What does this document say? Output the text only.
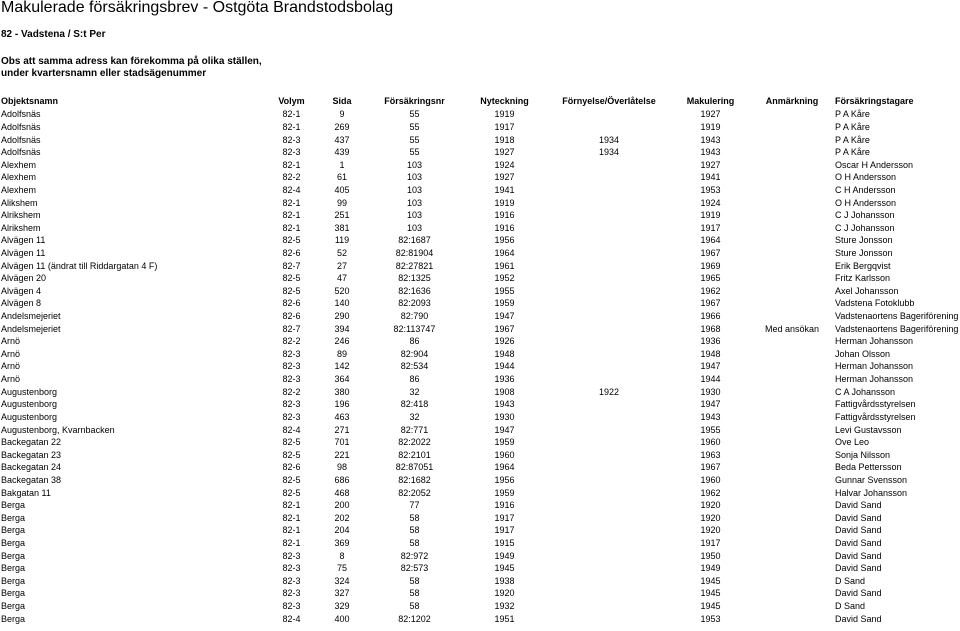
Makulerade försäkringsbrev - Östgöta Brandstodsbolag
82 - Vadstena / S:t Per
Obs att samma adress kan förekomma på olika ställen,
under kvartersnamn eller stadsägenummer
Objektsnamn	Volym	Sida	Försäkringsnr	Nyteckning	Förnyelse/Överlåtelse	Makulering	Anmärkning	Försäkringstagare
Adolfsnäs	82-1	9	55	1919		1927		P A Kåre
Adolfsnäs	82-1	269	55	1917		1919		P A Kåre
Adolfsnäs	82-3	437	55	1918	1934	1943		P A Kåre
Adolfsnäs	82-3	439	55	1927	1934	1943		P A Kåre
Alexhem	82-1	1	103	1924		1927		Oscar H Andersson
Alexhem	82-2	61	103	1927		1941		O H Andersson
Alexhem	82-4	405	103	1941		1953		C H Andersson
Alikshem	82-1	99	103	1919		1924		O H Andersson
Alrikshem	82-1	251	103	1916		1919		C J Johansson
Alrikshem	82-1	381	103	1916		1917		C J Johansson
Alvägen 11	82-5	119	82:1687	1956		1964		Sture Jonsson
Alvägen 11	82-6	52	82:81904	1964		1967		Sture Jonsson
Alvägen 11 (ändrat till Riddargatan 4 F)	82-7	27	82:27821	1961		1969		Erik Bergqvist
Alvägen 20	82-5	47	82:1325	1952		1965		Fritz Karlsson
Alvägen 4	82-5	520	82:1636	1955		1962		Axel Johansson
Alvägen 8	82-6	140	82:2093	1959		1967		Vadstena Fotoklubb
Andelsmejeriet	82-6	290	82:790	1947		1966		Vadstenaortens Bageriförening
Andelsmejeriet	82-7	394	82:113747	1967		1968	Med ansökan	Vadstenaortens Bageriförening
Arnö	82-2	246	86	1926		1936		Herman Johansson
Arnö	82-3	89	82:904	1948		1948		Johan Olsson
Arnö	82-3	142	82:534	1944		1947		Herman Johansson
Arnö	82-3	364	86	1936		1944		Herman Johansson
Augustenborg	82-2	380	32	1908	1922	1930		C A Johansson
Augustenborg	82-3	196	82:418	1943		1947		Fattigvårdsstyrelsen
Augustenborg	82-3	463	32	1930		1943		Fattigvårdsstyrelsen
Augustenborg, Kvarnbacken	82-4	271	82:771	1947		1955		Levi Gustavsson
Backegatan 22	82-5	701	82:2022	1959		1960		Ove Leo
Backegatan 23	82-5	221	82:2101	1960		1963		Sonja Nilsson
Backegatan 24	82-6	98	82:87051	1964		1967		Beda Pettersson
Backegatan 38	82-5	686	82:1682	1956		1960		Gunnar Svensson
Bakgatan 11	82-5	468	82:2052	1959		1962		Halvar Johansson
Berga	82-1	200	77	1916		1920		David Sand
Berga	82-1	202	58	1917		1920		David Sand
Berga	82-1	204	58	1917		1920		David Sand
Berga	82-1	369	58	1915		1917		David Sand
Berga	82-3	8	82:972	1949		1950		David Sand
Berga	82-3	75	82:573	1945		1949		David Sand
Berga	82-3	324	58	1938		1945		D Sand
Berga	82-3	327	58	1920		1945		David Sand
Berga	82-3	329	58	1932		1945		D Sand
Berga	82-4	400	82:1202	1951		1953		David Sand
